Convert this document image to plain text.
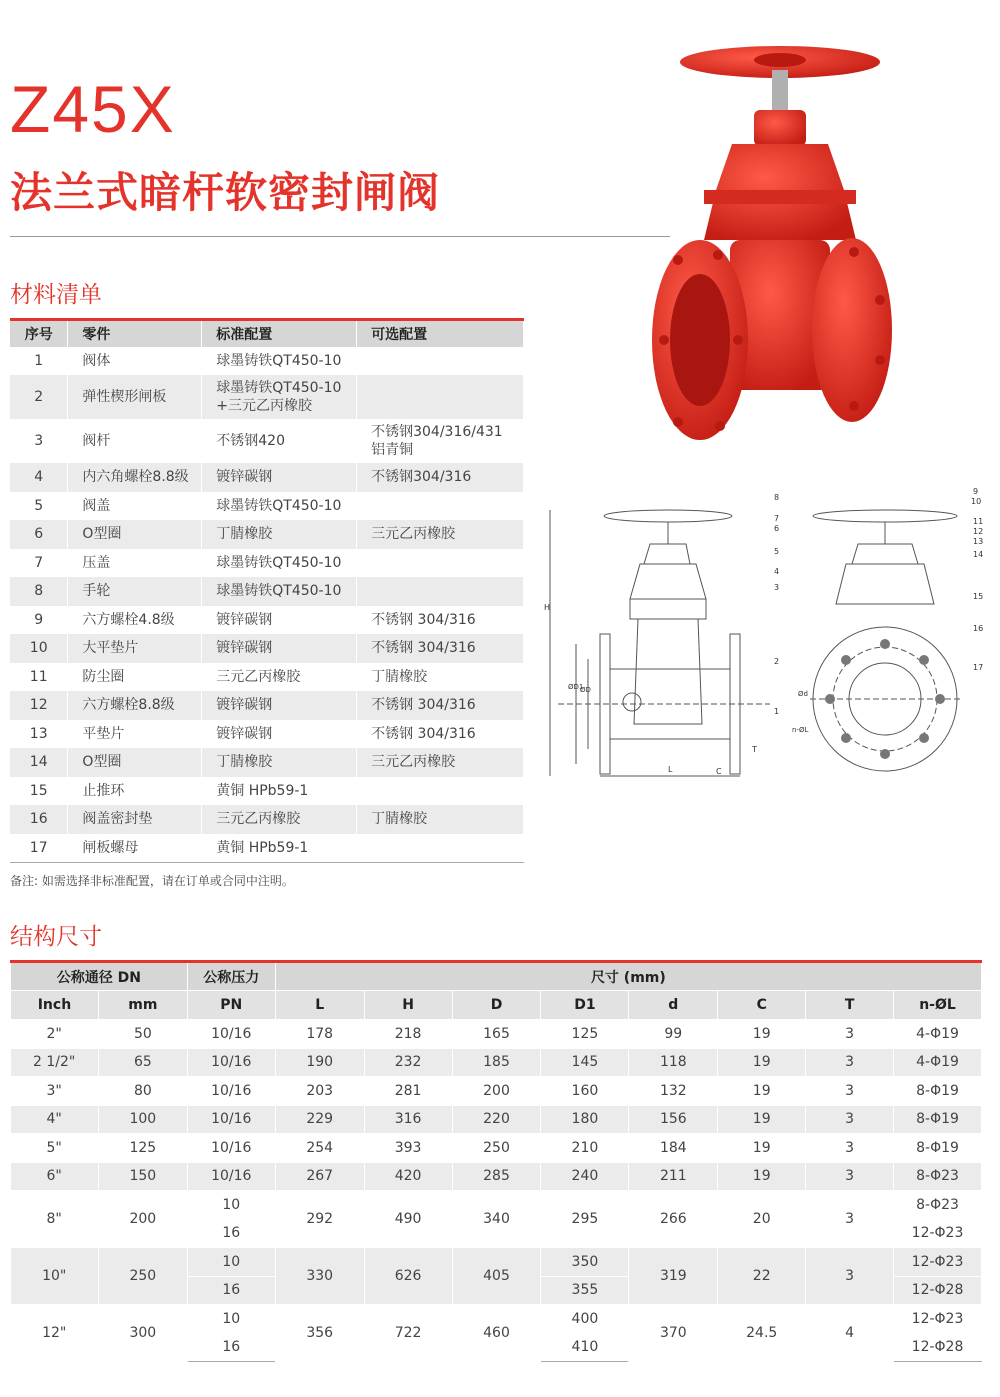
Z45X
法兰式暗杆软密封闸阀
8
7
6
5
4
3
2
1
9
10
11
12
13
14
15
16
17
H
ØD1
ØD
L	C
T
Ød
n-ØL
材料清单
序号	零件	标准配置	可选配置
1	阀体	球墨铸铁QT450-10	
2	弹性楔形闸板	球墨铸铁QT450-10
+三元乙丙橡胶	
3	阀杆	不锈钢420	不锈钢304/316/431
铝青铜
4	内六角螺栓8.8级	镀锌碳钢	不锈钢304/316
5	阀盖	球墨铸铁QT450-10	
6	O型圈	丁腈橡胶	三元乙丙橡胶
7	压盖	球墨铸铁QT450-10	
8	手轮	球墨铸铁QT450-10	
9	六方螺栓4.8级	镀锌碳钢	不锈钢 304/316
10	大平垫片	镀锌碳钢	不锈钢 304/316
11	防尘圈	三元乙丙橡胶	丁腈橡胶
12	六方螺栓8.8级	镀锌碳钢	不锈钢 304/316
13	平垫片	镀锌碳钢	不锈钢 304/316
14	O型圈	丁腈橡胶	三元乙丙橡胶
15	止推环	黄铜 HPb59-1	
16	阀盖密封垫	三元乙丙橡胶	丁腈橡胶
17	闸板螺母	黄铜 HPb59-1	
备注: 如需选择非标准配置，请在订单或合同中注明。
结构尺寸
公称通径 DN		公称压力	尺寸 (mm)							
Inch	mm	PN	L	H	D	D1	d	C	T	n-ØL
2"	50	10/16	178	218	165	125	99	19	3	4-Φ19
2 1/2"	65	10/16	190	232	185	145	118	19	3	4-Φ19
3"	80	10/16	203	281	200	160	132	19	3	8-Φ19
4"	100	10/16	229	316	220	180	156	19	3	8-Φ19
5"	125	10/16	254	393	250	210	184	19	3	8-Φ19
6"	150	10/16	267	420	285	240	211	19	3	8-Φ23
8"	200	10	292	490	340	295	266	20	3	8-Φ23
		16								12-Φ23
10"	250	10	330	626	405	350	319	22	3	12-Φ23
		16				355				12-Φ28
12"	300	10	356	722	460	400	370	24.5	4	12-Φ23
		16				410				12-Φ28
